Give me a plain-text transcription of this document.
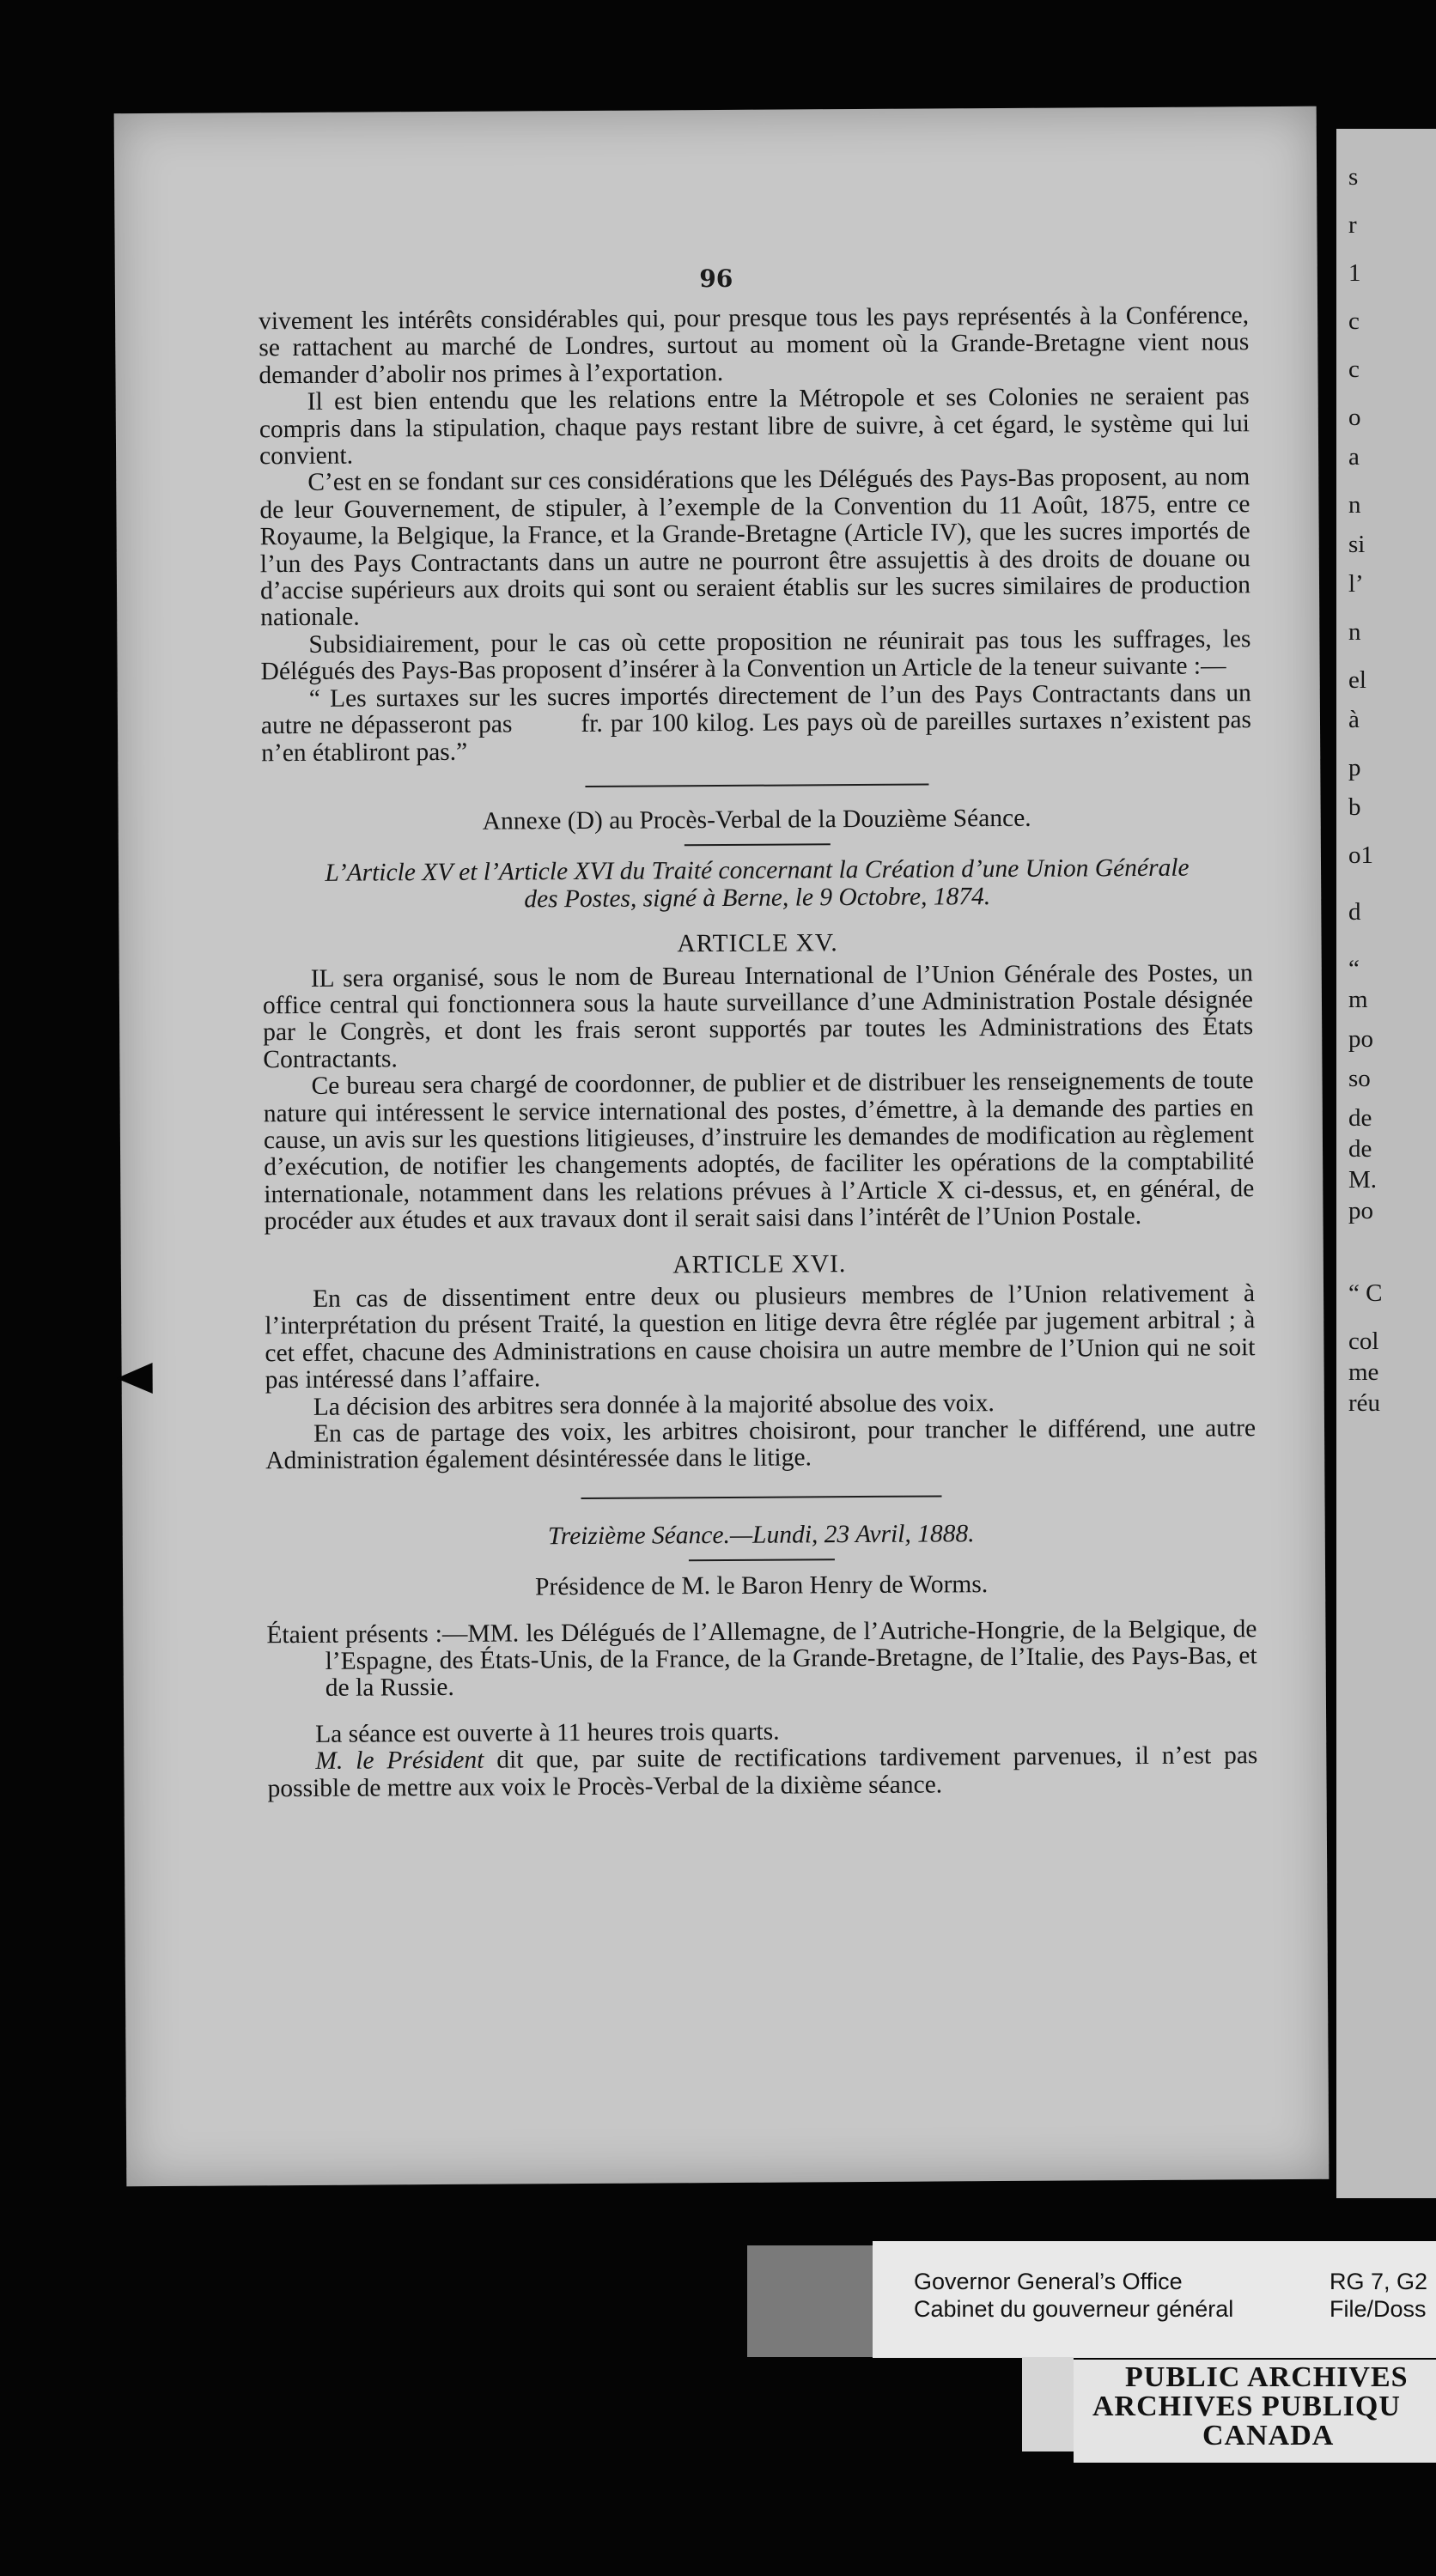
96

vivement les intérêts considérables qui, pour presque tous les pays représentés à la Conférence, se rattachent au marché de Londres, surtout au moment où la Grande-Bretagne vient nous demander d’abolir nos primes à l’exportation.

Il est bien entendu que les relations entre la Métropole et ses Colonies ne seraient pas compris dans la stipulation, chaque pays restant libre de suivre, à cet égard, le système qui lui convient.

C’est en se fondant sur ces considérations que les Délégués des Pays-Bas proposent, au nom de leur Gouvernement, de stipuler, à l’exemple de la Convention du 11 Août, 1875, entre ce Royaume, la Belgique, la France, et la Grande-Bretagne (Article IV), que les sucres importés de l’un des Pays Contractants dans un autre ne pourront être assujettis à des droits de douane ou d’accise supérieurs aux droits qui sont ou seraient établis sur les sucres similaires de production nationale.

Subsidiairement, pour le cas où cette proposition ne réunirait pas tous les suffrages, les Délégués des Pays-Bas proposent d’insérer à la Convention un Article de la teneur suivante :—

“ Les surtaxes sur les sucres importés directement de l’un des Pays Contractants dans un autre ne dépasseront pas	fr. par 100 kilog. Les pays où de pareilles surtaxes n’existent pas n’en établiront pas.”

Annexe (D) au Procès-Verbal de la Douzième Séance.

L’Article XV et l’Article XVI du Traité concernant la Création d’une Union Générale

des Postes, signé à Berne, le 9 Octobre, 1874.

ARTICLE XV.

IL sera organisé, sous le nom de Bureau International de l’Union Générale des Postes, un office central qui fonctionnera sous la haute surveillance d’une Administration Postale désignée par le Congrès, et dont les frais seront supportés par toutes les Administrations des États Contractants.

Ce bureau sera chargé de coordonner, de publier et de distribuer les renseignements de toute nature qui intéressent le service international des postes, d’émettre, à la demande des parties en cause, un avis sur les questions litigieuses, d’instruire les demandes de modification au règlement d’exécution, de notifier les changements adoptés, de faciliter les opérations de la comptabilité internationale, notamment dans les relations prévues à l’Article X ci-dessus, et, en général, de procéder aux études et aux travaux dont il serait saisi dans l’intérêt de l’Union Postale.

ARTICLE XVI.

En cas de dissentiment entre deux ou plusieurs membres de l’Union relativement à l’interprétation du présent Traité, la question en litige devra être réglée par jugement arbitral ; à cet effet, chacune des Administrations en cause choisira un autre membre de l’Union qui ne soit pas intéressé dans l’affaire.

La décision des arbitres sera donnée à la majorité absolue des voix.

En cas de partage des voix, les arbitres choisiront, pour trancher le différend, une autre Administration également désintéressée dans le litige.

Treizième Séance.—Lundi, 23 Avril, 1888.

Présidence de M. le Baron Henry de Worms.

Étaient présents :—MM. les Délégués de l’Allemagne, de l’Autriche-Hongrie, de la Belgique, de l’Espagne, des États-Unis, de la France, de la Grande-Bretagne, de l’Italie, des Pays-Bas, et de la Russie.

La séance est ouverte à 11 heures trois quarts.

M. le Président dit que, par suite de rectifications tardivement parvenues, il n’est pas possible de mettre aux voix le Procès-Verbal de la dixième séance.

s
r
1
c
c
o
a
n
si
l’
n
el
à
p
b
o1
d
“
m
po
so
de
de
M.
po
“ C
col
me
réu
Governor General’s Office
Cabinet du gouverneur général
RG 7, G2
File/Doss
PUBLIC ARCHIVES
ARCHIVES PUBLIQU
CANADA
